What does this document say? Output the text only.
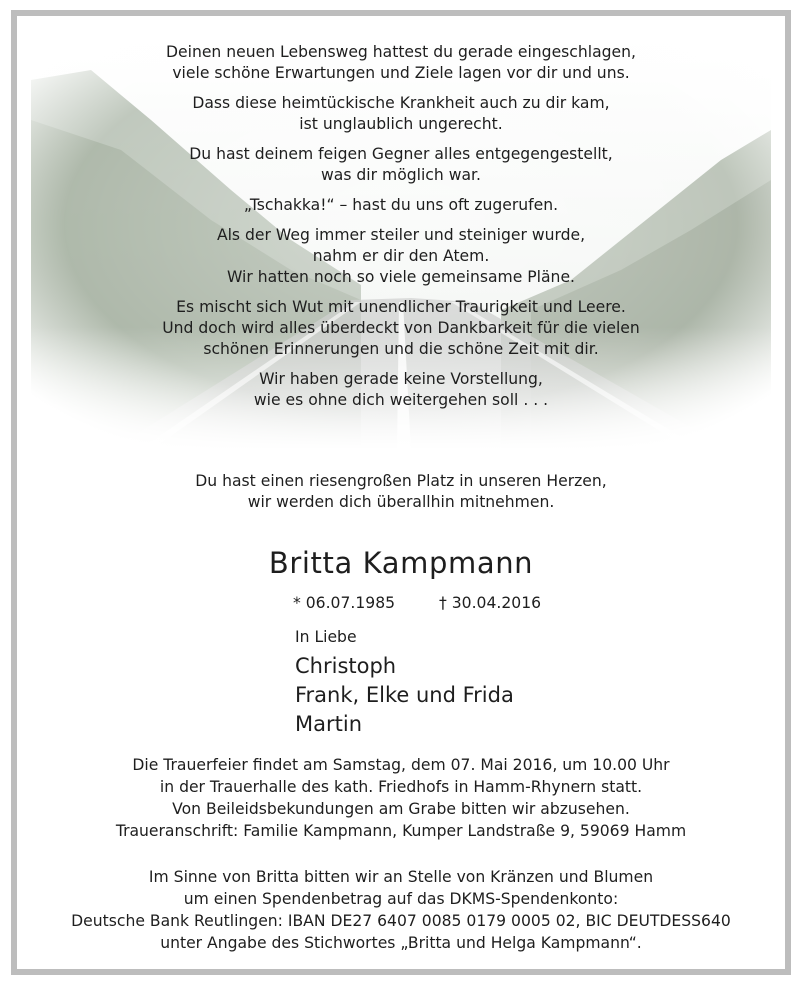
Deinen neuen Lebensweg hattest du gerade eingeschlagen,
viele schöne Erwartungen und Ziele lagen vor dir und uns.

Dass diese heimtückische Krankheit auch zu dir kam,
ist unglaublich ungerecht.

Du hast deinem feigen Gegner alles entgegengestellt,
was dir möglich war.

„Tschakka!“ – hast du uns oft zugerufen.

Als der Weg immer steiler und steiniger wurde,
nahm er dir den Atem.
Wir hatten noch so viele gemeinsame Pläne.

Es mischt sich Wut mit unendlicher Traurigkeit und Leere.
Und doch wird alles überdeckt von Dankbarkeit für die vielen
schönen Erinnerungen und die schöne Zeit mit dir.

Wir haben gerade keine Vorstellung,
wie es ohne dich weitergehen soll . . .

Du hast einen riesengroßen Platz in unseren Herzen,
wir werden dich überallhin mitnehmen.
Britta Kampmann
* 06.07.1985	† 30.04.2016
In Liebe
Christoph
Frank, Elke und Frida
Martin
Die Trauerfeier findet am Samstag, dem 07. Mai 2016, um 10.00 Uhr
in der Trauerhalle des kath. Friedhofs in Hamm-Rhynern statt.
Von Beileidsbekundungen am Grabe bitten wir abzusehen.
Traueranschrift: Familie Kampmann, Kumper Landstraße 9, 59069 Hamm
Im Sinne von Britta bitten wir an Stelle von Kränzen und Blumen
um einen Spendenbetrag auf das DKMS-Spendenkonto:
Deutsche Bank Reutlingen: IBAN DE27 6407 0085 0179 0005 02, BIC DEUTDESS640
unter Angabe des Stichwortes „Britta und Helga Kampmann“.
